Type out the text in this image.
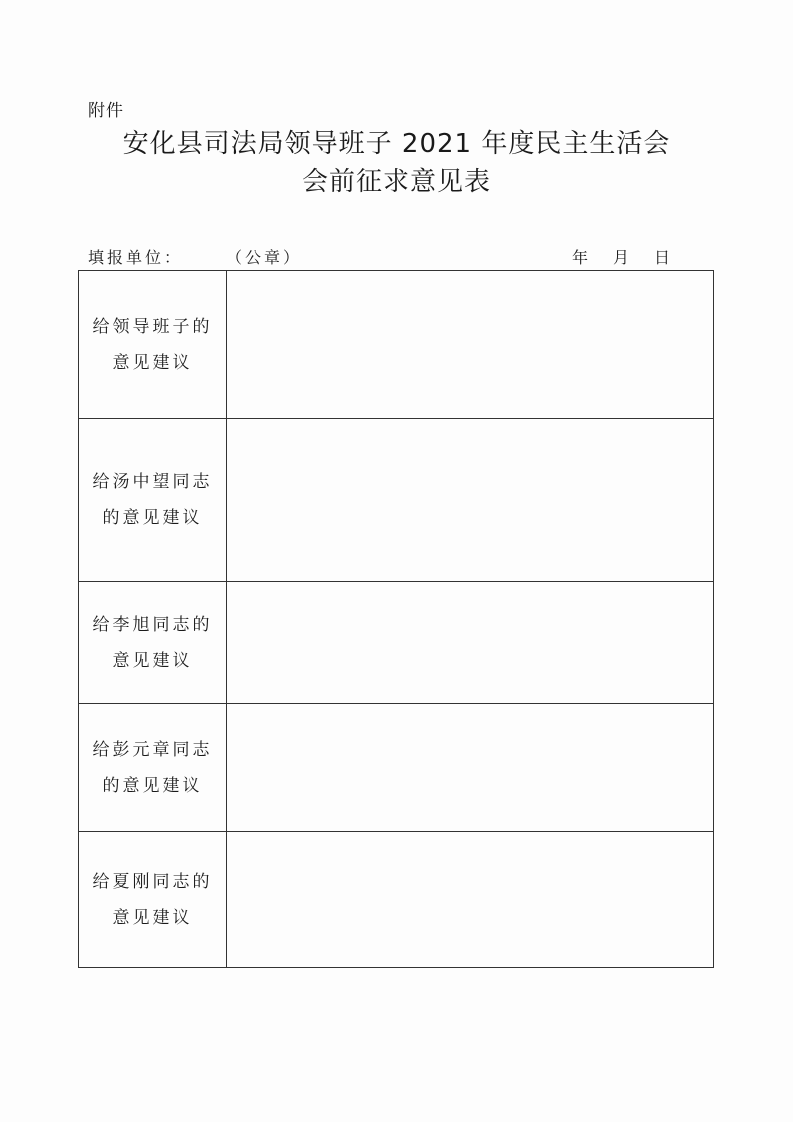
附件
安化县司法局领导班子 2021 年度民主生活会
会前征求意见表
填报单位：	（公章）	年 月 日
给领导班子的
意见建议
给汤中望同志
的意见建议
给李旭同志的
意见建议
给彭元章同志
的意见建议
给夏刚同志的
意见建议
